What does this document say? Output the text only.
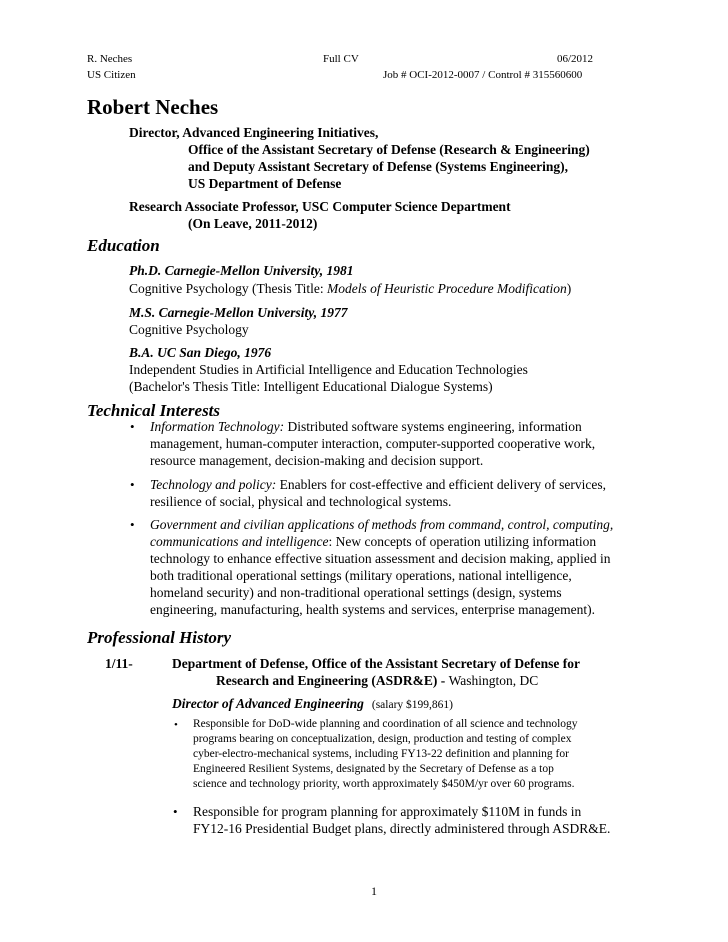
R. Neches	Full CV	06/2012
US Citizen	Job # OCI-2012-0007 / Control # 315560600
Robert Neches
Director, Advanced Engineering Initiatives,
Office of the Assistant Secretary of Defense (Research & Engineering)
and Deputy Assistant Secretary of Defense (Systems Engineering),
US Department of Defense
Research Associate Professor, USC Computer Science Department
(On Leave, 2011-2012)
Education
Ph.D. Carnegie-Mellon University, 1981
Cognitive Psychology (Thesis Title: Models of Heuristic Procedure Modification)
M.S. Carnegie-Mellon University, 1977
Cognitive Psychology
B.A. UC San Diego, 1976
Independent Studies in Artificial Intelligence and Education Technologies
(Bachelor's Thesis Title: Intelligent Educational Dialogue Systems)
Technical Interests
• Information Technology: Distributed software systems engineering, information
management, human-computer interaction, computer-supported cooperative work,
resource management, decision-making and decision support.
• Technology and policy: Enablers for cost-effective and efficient delivery of services,
resilience of social, physical and technological systems.
• Government and civilian applications of methods from command, control, computing,
communications and intelligence: New concepts of operation utilizing information
technology to enhance effective situation assessment and decision making, applied in
both traditional operational settings (military operations, national intelligence,
homeland security) and non-traditional operational settings (design, systems
engineering, manufacturing, health systems and services, enterprise management).
Professional History
1/11-	Department of Defense, Office of the Assistant Secretary of Defense for
Research and Engineering (ASDR&E) - Washington, DC
Director of Advanced Engineering (salary $199,861)
• Responsible for DoD-wide planning and coordination of all science and technology
programs bearing on conceptualization, design, production and testing of complex
cyber-electro-mechanical systems, including FY13-22 definition and planning for
Engineered Resilient Systems, designated by the Secretary of Defense as a top
science and technology priority, worth approximately $450M/yr over 60 programs.
• Responsible for program planning for approximately $110M in funds in
FY12-16 Presidential Budget plans, directly administered through ASDR&E.
1
